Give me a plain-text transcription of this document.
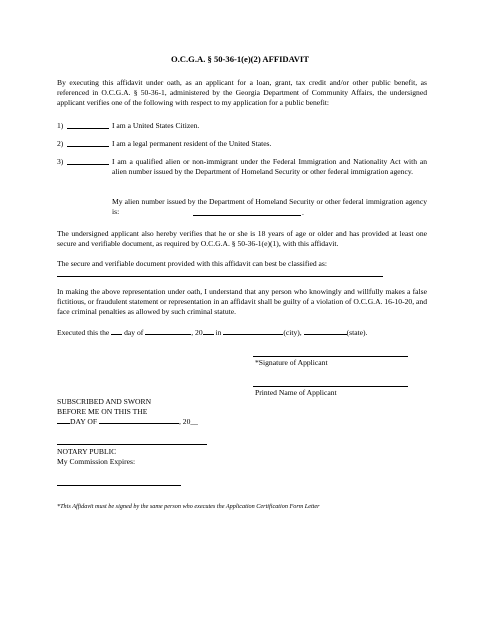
O.C.G.A. § 50-36-1(e)(2) AFFIDAVIT
By executing this affidavit under oath, as an applicant for a loan, grant, tax credit and/or other public benefit, as referenced in O.C.G.A. § 50-36-1, administered by the Georgia Department of Community Affairs, the undersigned applicant verifies one of the following with respect to my application for a public benefit:
1)	I am a United States Citizen.
2)	I am a legal permanent resident of the United States.
3)	I am a qualified alien or non-immigrant under the Federal Immigration and Nationality Act with an alien number issued by the Department of Homeland Security or other federal immigration agency.
My alien number issued by the Department of Homeland Security or other federal immigration agency is:	.
The undersigned applicant also hereby verifies that he or she is 18 years of age or older and has provided at least one secure and verifiable document, as required by O.C.G.A. § 50-36-1(e)(1), with this affidavit.
The secure and verifiable document provided with this affidavit can best be classified as:
In making the above representation under oath, I understand that any person who knowingly and willfully makes a false fictitious, or fraudulent statement or representation in an affidavit shall be guilty of a violation of O.C.G.A. 16-10-20, and face criminal penalties as allowed by such criminal statute.
Executed this the day of	, 20 in	(city),	(state).
*Signature of Applicant
Printed Name of Applicant
SUBSCRIBED AND SWORN
BEFORE ME ON THIS THE
DAY OF	, 20__
NOTARY PUBLIC
My Commission Expires:
*This Affidavit must be signed by the same person who executes the Application Certification Form Letter
